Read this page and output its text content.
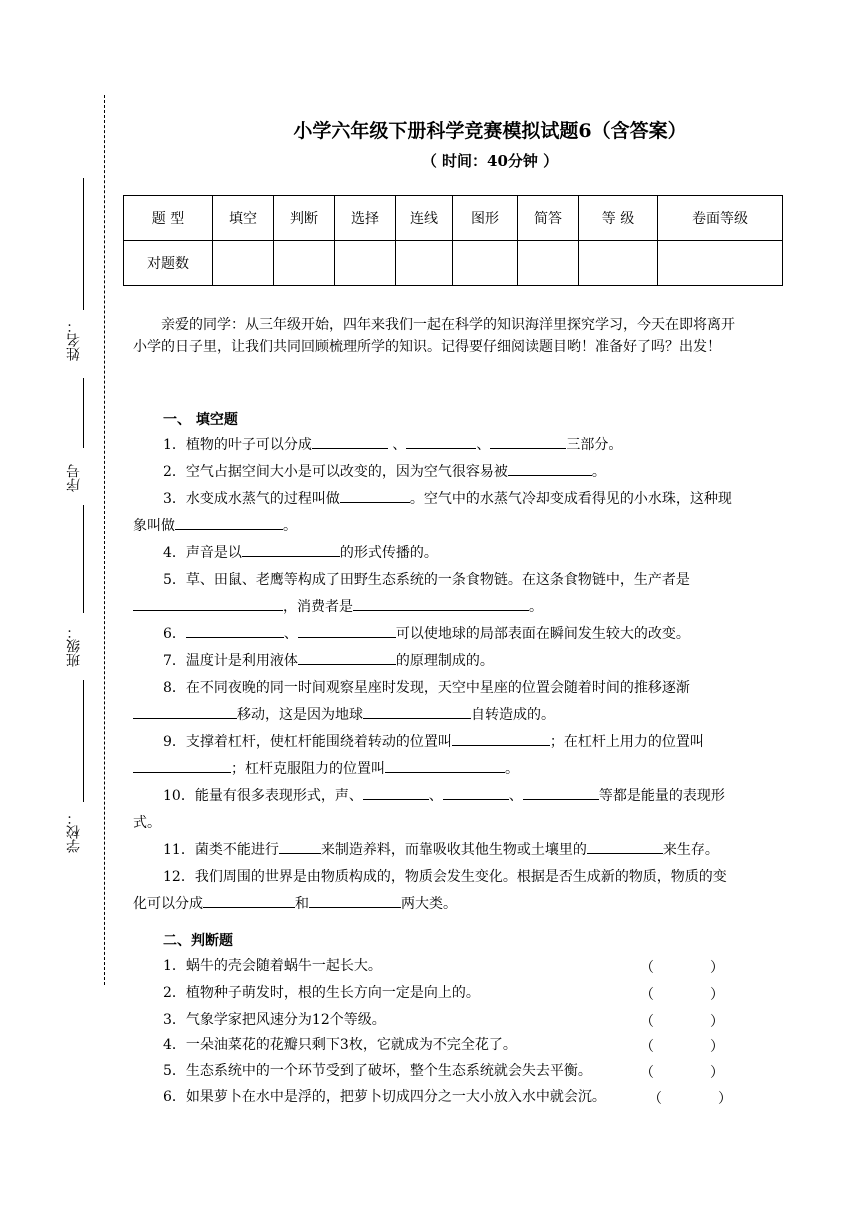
姓名：
序号
班级：
学校：
小学六年级下册科学竞赛模拟试题6（含答案）
（ 时间：40分钟 ）
题 型	填空	判断	选择	连线	图形	简答	等 级	卷面等级
对题数								
亲爱的同学：从三年级开始，四年来我们一起在科学的知识海洋里探究学习，今天在即将离开小学的日子里，让我们共同回顾梳理所学的知识。记得要仔细阅读题目哟！准备好了吗？出发！
一、 填空题
1．植物的叶子可以分成	、	、	三部分。
2．空气占据空间大小是可以改变的，因为空气很容易被	。
3．水变成水蒸气的过程叫做	。空气中的水蒸气冷却变成看得见的小水珠，这种现象叫做	。
4．声音是以	的形式传播的。
5．草、田鼠、老鹰等构成了田野生态系统的一条食物链。在这条食物链中，生产者是，消费者是	。
6．	、	可以使地球的局部表面在瞬间发生较大的改变。
7．温度计是利用液体	的原理制成的。
8．在不同夜晚的同一时间观察星座时发现，天空中星座的位置会随着时间的推移逐渐移动，这是因为地球	自转造成的。
9．支撑着杠杆，使杠杆能围绕着转动的位置叫	；在杠杆上用力的位置叫；杠杆克服阻力的位置叫	。
10．能量有很多表现形式，声、	、	、	等都是能量的表现形式。
11．菌类不能进行	来制造养料，而靠吸收其他生物或土壤里的	来生存。
12．我们周围的世界是由物质构成的，物质会发生变化。根据是否生成新的物质，物质的变化可以分成	和	两大类。
二、判断题
1．蜗牛的壳会随着蜗牛一起长大。	（　　　　）
2．植物种子萌发时，根的生长方向一定是向上的。	（　　　　）
3．气象学家把风速分为12个等级。	（　　　　）
4．一朵油菜花的花瓣只剩下3枚，它就成为不完全花了。	（　　　　）
5．生态系统中的一个环节受到了破坏，整个生态系统就会失去平衡。	（　　　　）
6．如果萝卜在水中是浮的，把萝卜切成四分之一大小放入水中就会沉。	（　　　　）
